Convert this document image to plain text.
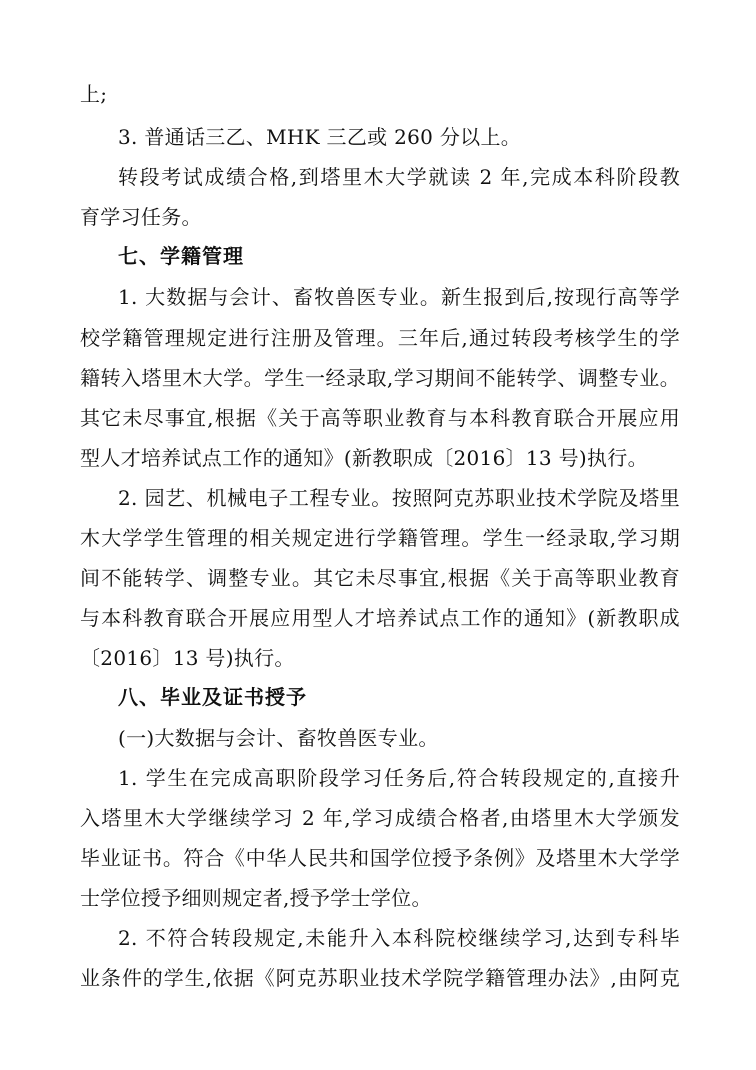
上;
3. 普通话三乙、MHK 三乙或 260 分以上。
转段考试成绩合格,到塔里木大学就读 2 年,完成本科阶段教
育学习任务。
七、学籍管理
1. 大数据与会计、畜牧兽医专业。新生报到后,按现行高等学
校学籍管理规定进行注册及管理。三年后,通过转段考核学生的学
籍转入塔里木大学。学生一经录取,学习期间不能转学、调整专业。
其它未尽事宜,根据《关于高等职业教育与本科教育联合开展应用
型人才培养试点工作的通知》(新教职成〔2016〕13 号)执行。
2. 园艺、机械电子工程专业。按照阿克苏职业技术学院及塔里
木大学学生管理的相关规定进行学籍管理。学生一经录取,学习期
间不能转学、调整专业。其它未尽事宜,根据《关于高等职业教育
与本科教育联合开展应用型人才培养试点工作的通知》(新教职成
〔2016〕13 号)执行。
八、毕业及证书授予
(一)大数据与会计、畜牧兽医专业。
1. 学生在完成高职阶段学习任务后,符合转段规定的,直接升
入塔里木大学继续学习 2 年,学习成绩合格者,由塔里木大学颁发
毕业证书。符合《中华人民共和国学位授予条例》及塔里木大学学
士学位授予细则规定者,授予学士学位。
2. 不符合转段规定,未能升入本科院校继续学习,达到专科毕
业条件的学生,依据《阿克苏职业技术学院学籍管理办法》,由阿克
